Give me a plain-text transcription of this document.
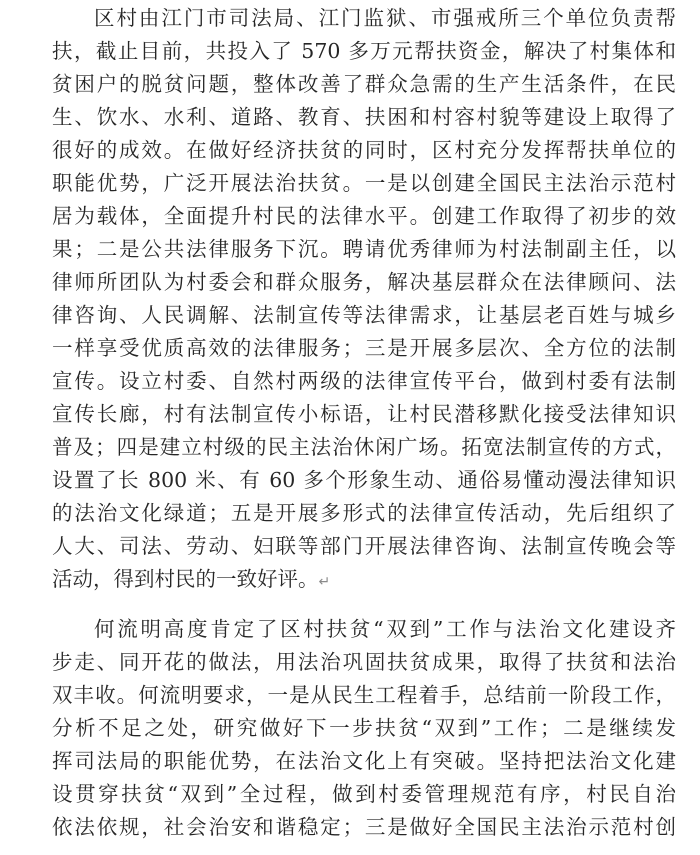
区村由江门市司法局、江门监狱、市强戒所三个单位负责帮
扶，截止目前，共投入了 570 多万元帮扶资金，解决了村集体和
贫困户的脱贫问题，整体改善了群众急需的生产生活条件，在民
生、饮水、水利、道路、教育、扶困和村容村貌等建设上取得了
很好的成效。在做好经济扶贫的同时，区村充分发挥帮扶单位的
职能优势，广泛开展法治扶贫。一是以创建全国民主法治示范村
居为载体，全面提升村民的法律水平。创建工作取得了初步的效
果；二是公共法律服务下沉。聘请优秀律师为村法制副主任，以
律师所团队为村委会和群众服务，解决基层群众在法律顾问、法
律咨询、人民调解、法制宣传等法律需求，让基层老百姓与城乡
一样享受优质高效的法律服务；三是开展多层次、全方位的法制
宣传。设立村委、自然村两级的法律宣传平台，做到村委有法制
宣传长廊，村有法制宣传小标语，让村民潜移默化接受法律知识
普及；四是建立村级的民主法治休闲广场。拓宽法制宣传的方式，
设置了长 800 米、有 60 多个形象生动、通俗易懂动漫法律知识
的法治文化绿道；五是开展多形式的法律宣传活动，先后组织了
人大、司法、劳动、妇联等部门开展法律咨询、法制宣传晚会等
活动，得到村民的一致好评。↵
何流明高度肯定了区村扶贫“双到”工作与法治文化建设齐
步走、同开花的做法，用法治巩固扶贫成果，取得了扶贫和法治
双丰收。何流明要求，一是从民生工程着手，总结前一阶段工作，
分析不足之处，研究做好下一步扶贫“双到”工作；二是继续发
挥司法局的职能优势，在法治文化上有突破。坚持把法治文化建
设贯穿扶贫“双到”全过程，做到村委管理规范有序，村民自治
依法依规，社会治安和谐稳定；三是做好全国民主法治示范村创
